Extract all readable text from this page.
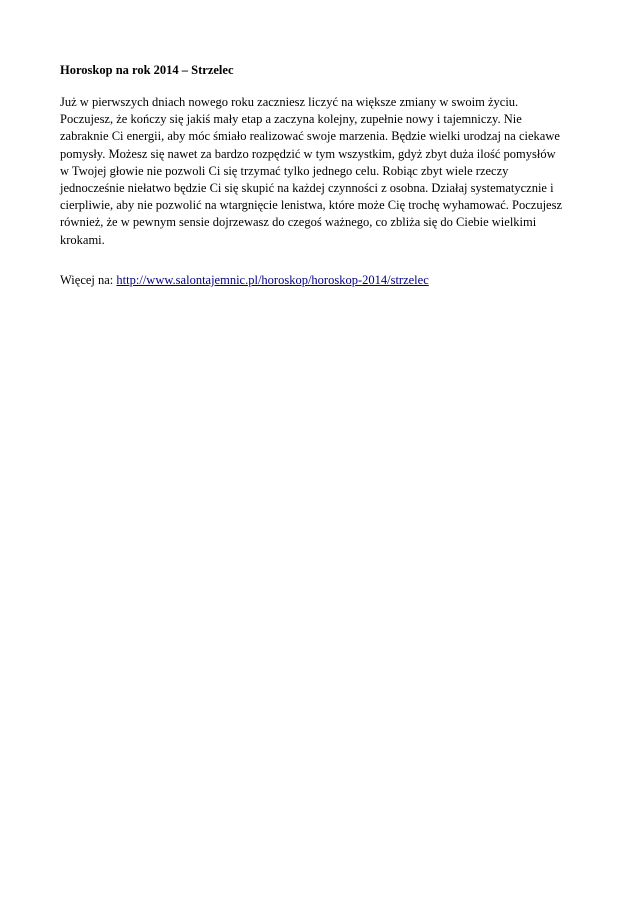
Horoskop na rok 2014 – Strzelec

Już w pierwszych dniach nowego roku zaczniesz liczyć na większe zmiany w swoim życiu.
Poczujesz, że kończy się jakiś mały etap a zaczyna kolejny, zupełnie nowy i tajemniczy. Nie
zabraknie Ci energii, aby móc śmiało realizować swoje marzenia. Będzie wielki urodzaj na ciekawe
pomysły. Możesz się nawet za bardzo rozpędzić w tym wszystkim, gdyż zbyt duża ilość pomysłów
w Twojej głowie nie pozwoli Ci się trzymać tylko jednego celu. Robiąc zbyt wiele rzeczy
jednocześnie niełatwo będzie Ci się skupić na każdej czynności z osobna. Działaj systematycznie i
cierpliwie, aby nie pozwolić na wtargnięcie lenistwa, które może Cię trochę wyhamować. Poczujesz
również, że w pewnym sensie dojrzewasz do czegoś ważnego, co zbliża się do Ciebie wielkimi
krokami.

Więcej na: http://www.salontajemnic.pl/horoskop/horoskop-2014/strzelec
